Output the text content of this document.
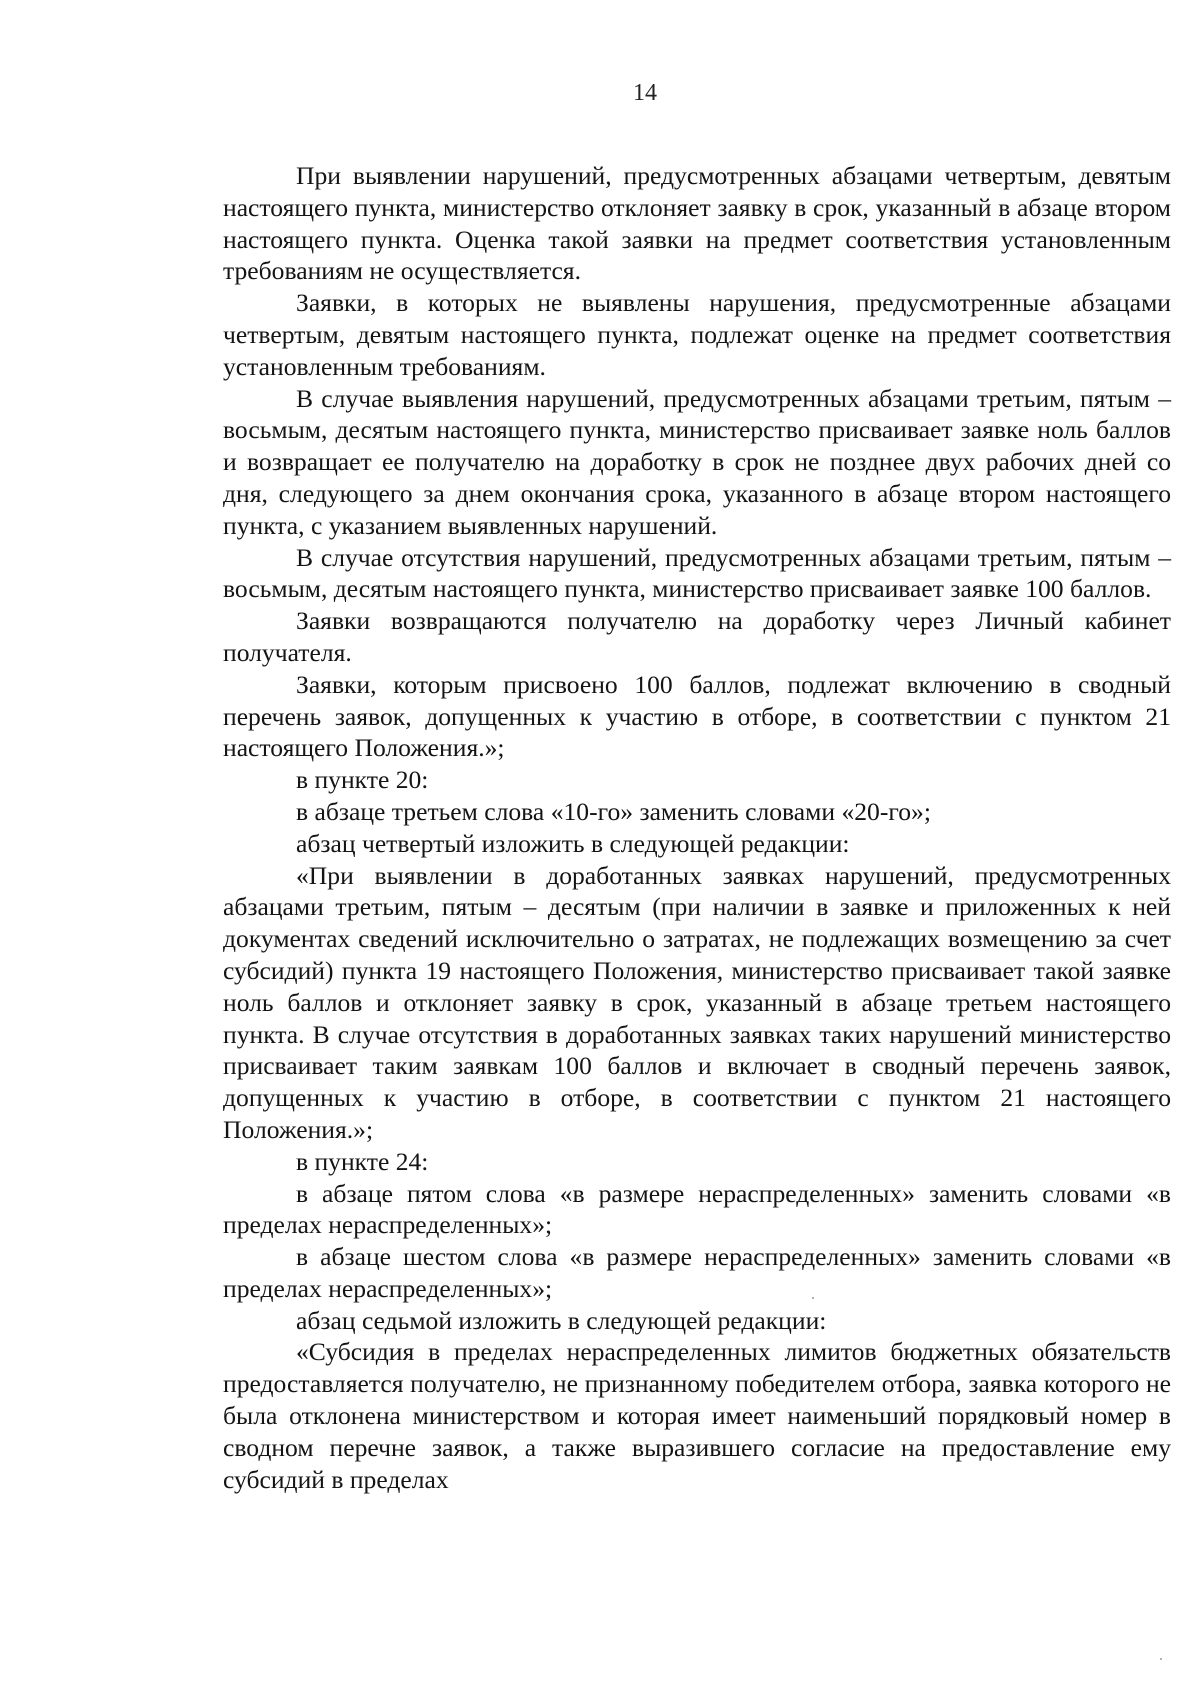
14

При выявлении нарушений, предусмотренных абзацами четвертым, девятым настоящего пункта, министерство отклоняет заявку в срок, указанный в абзаце втором настоящего пункта. Оценка такой заявки на предмет соответствия установленным требованиям не осуществляется.

Заявки, в которых не выявлены нарушения, предусмотренные абзацами четвертым, девятым настоящего пункта, подлежат оценке на предмет соответствия установленным требованиям.

В случае выявления нарушений, предусмотренных абзацами третьим, пятым – восьмым, десятым настоящего пункта, министерство присваивает заявке ноль баллов и возвращает ее получателю на доработку в срок не позднее двух рабочих дней со дня, следующего за днем окончания срока, указанного в абзаце втором настоящего пункта, с указанием выявленных нарушений.

В случае отсутствия нарушений, предусмотренных абзацами третьим, пятым – восьмым, десятым настоящего пункта, министерство присваивает заявке 100 баллов.

Заявки возвращаются получателю на доработку через Личный кабинет получателя.

Заявки, которым присвоено 100 баллов, подлежат включению в сводный перечень заявок, допущенных к участию в отборе, в соответствии с пунктом 21 настоящего Положения.»;

в пункте 20:

в абзаце третьем слова «10-го» заменить словами «20-го»;

абзац четвертый изложить в следующей редакции:

«При выявлении в доработанных заявках нарушений, предусмотренных абзацами третьим, пятым – десятым (при наличии в заявке и приложенных к ней документах сведений исключительно о затратах, не подлежащих возмещению за счет субсидий) пункта 19 настоящего Положения, министерство присваивает такой заявке ноль баллов и отклоняет заявку в срок, указанный в абзаце третьем настоящего пункта. В случае отсутствия в доработанных заявках таких нарушений министерство присваивает таким заявкам 100 баллов и включает в сводный перечень заявок, допущенных к участию в отборе, в соответствии с пунктом 21 настоящего Положения.»;

в пункте 24:

в абзаце пятом слова «в размере нераспределенных» заменить словами «в пределах нераспределенных»;

в абзаце шестом слова «в размере нераспределенных» заменить словами «в пределах нераспределенных»;

абзац седьмой изложить в следующей редакции:

«Субсидия в пределах нераспределенных лимитов бюджетных обязательств предоставляется получателю, не признанному победителем отбора, заявка которого не была отклонена министерством и которая имеет наименьший порядковый номер в сводном перечне заявок, а также выразившего согласие на предоставление ему субсидий в пределах
